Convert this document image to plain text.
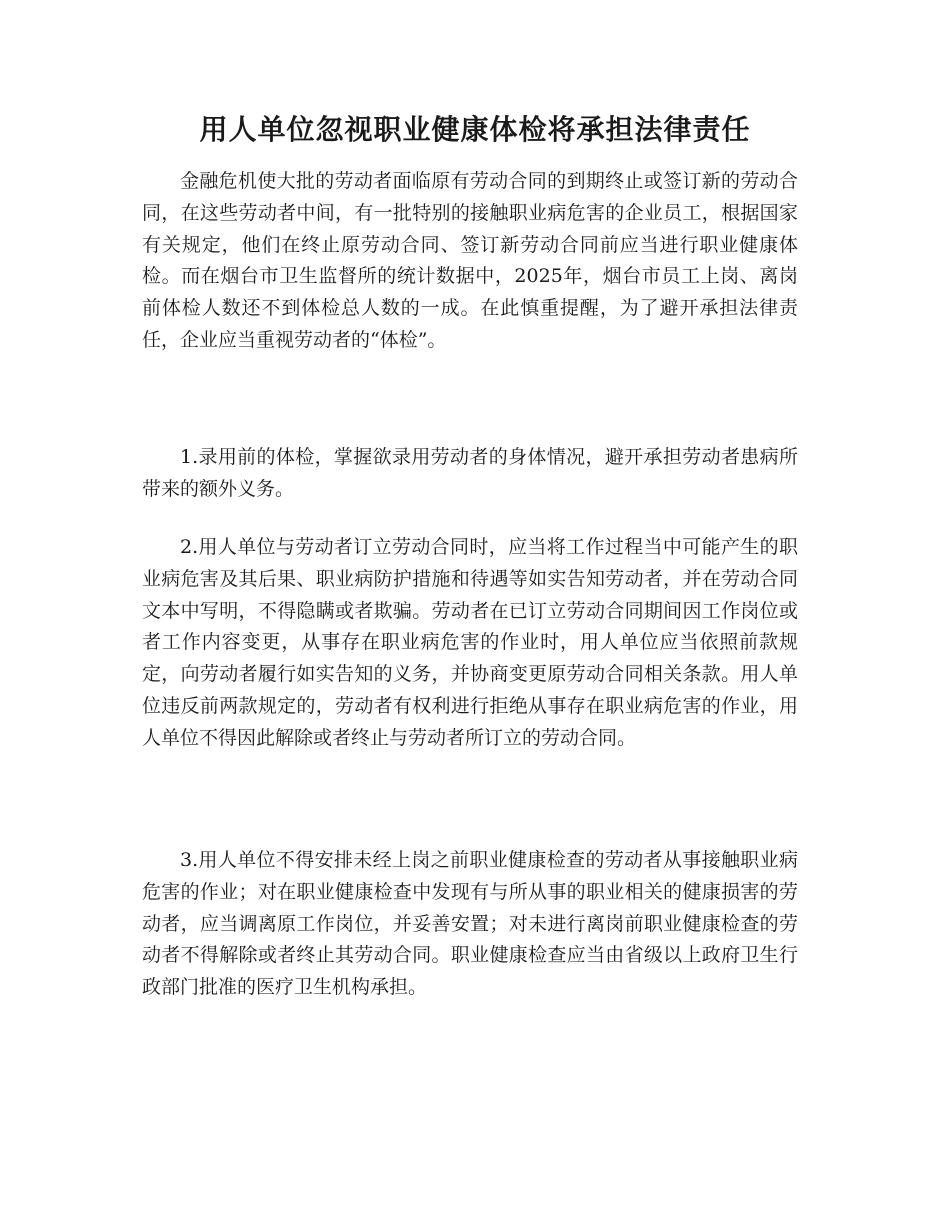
用人单位忽视职业健康体检将承担法律责任

金融危机使大批的劳动者面临原有劳动合同的到期终止或签订新的劳动合同，在这些劳动者中间，有一批特别的接触职业病危害的企业员工，根据国家有关规定，他们在终止原劳动合同、签订新劳动合同前应当进行职业健康体检。而在烟台市卫生监督所的统计数据中，2025年，烟台市员工上岗、离岗前体检人数还不到体检总人数的一成。在此慎重提醒，为了避开承担法律责任，企业应当重视劳动者的“体检”。

1.录用前的体检，掌握欲录用劳动者的身体情况，避开承担劳动者患病所带来的额外义务。

2.用人单位与劳动者订立劳动合同时，应当将工作过程当中可能产生的职业病危害及其后果、职业病防护措施和待遇等如实告知劳动者，并在劳动合同文本中写明，不得隐瞒或者欺骗。劳动者在已订立劳动合同期间因工作岗位或者工作内容变更，从事存在职业病危害的作业时，用人单位应当依照前款规定，向劳动者履行如实告知的义务，并协商变更原劳动合同相关条款。用人单位违反前两款规定的，劳动者有权利进行拒绝从事存在职业病危害的作业，用人单位不得因此解除或者终止与劳动者所订立的劳动合同。

3.用人单位不得安排未经上岗之前职业健康检查的劳动者从事接触职业病危害的作业；对在职业健康检查中发现有与所从事的职业相关的健康损害的劳动者，应当调离原工作岗位，并妥善安置；对未进行离岗前职业健康检查的劳动者不得解除或者终止其劳动合同。职业健康检查应当由省级以上政府卫生行政部门批准的医疗卫生机构承担。
